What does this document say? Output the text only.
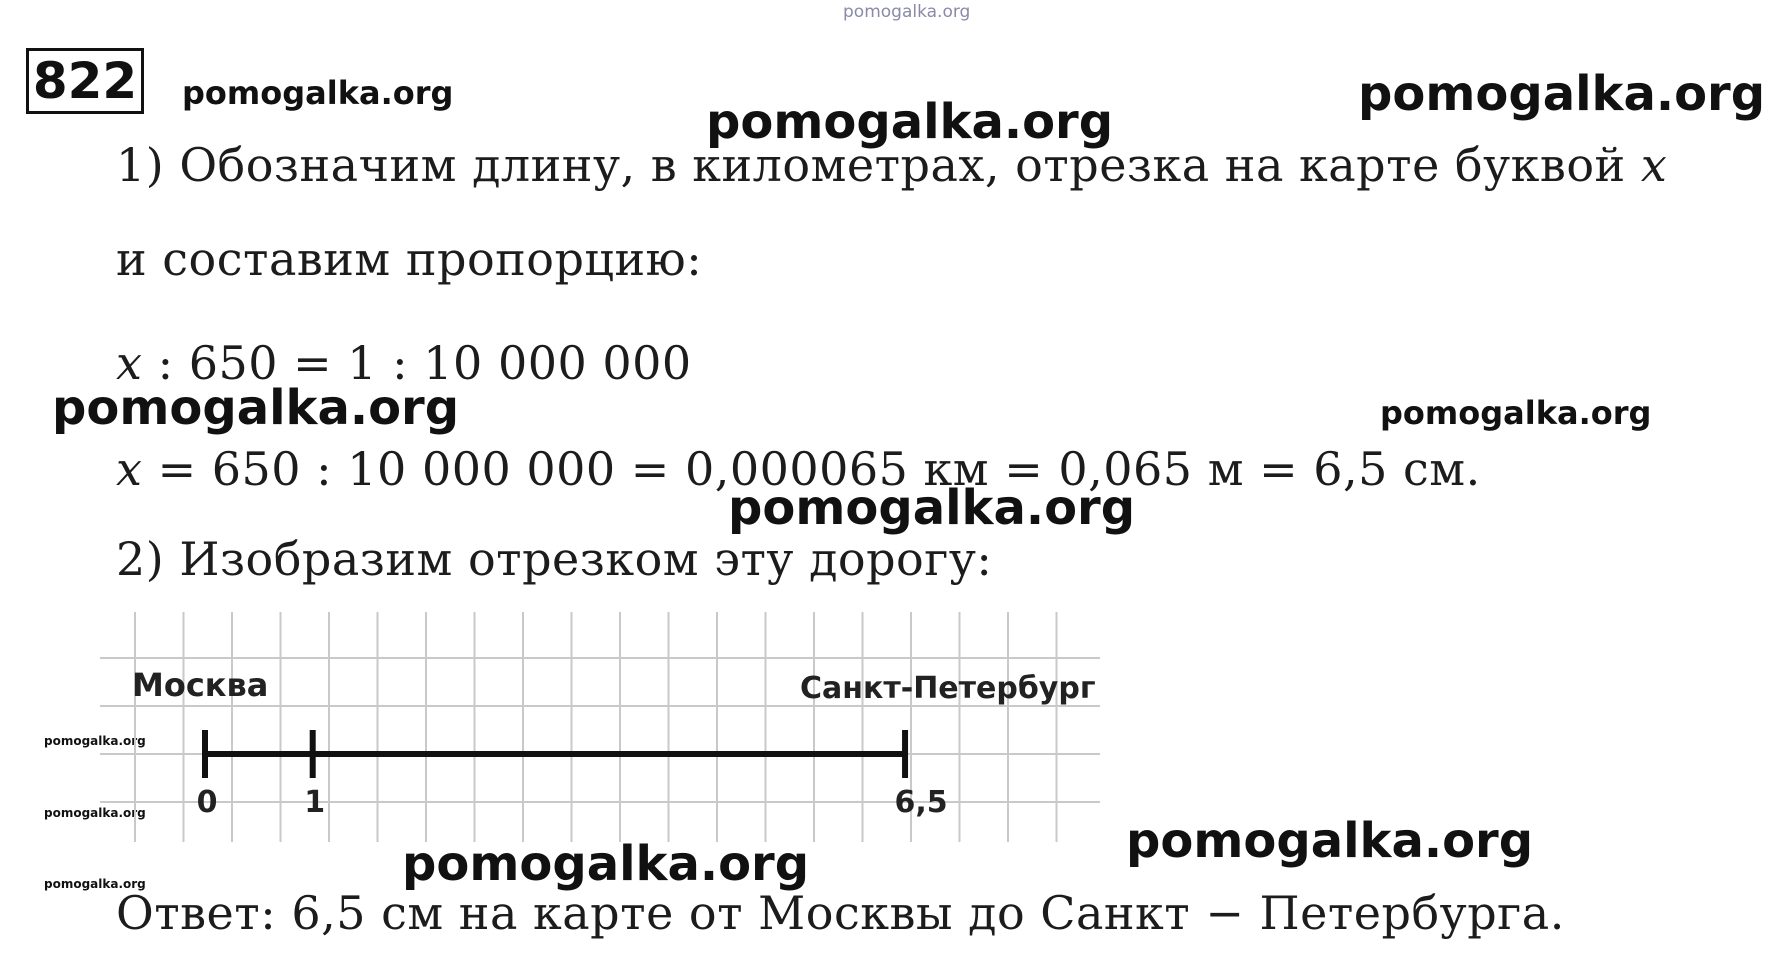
pomogalka.org
pomogalka.org
pomogalka.org	pomogalka.org
pomogalka.org	pomogalka.org
pomogalka.org
pomogalka.org
pomogalka.org
pomogalka.org	pomogalka.org	pomogalka.org
822
1) Обозначим длину, в километрах, отрезка на карте буквой x
и составим пропорцию:
x : 650 = 1 : 10 000 000
x = 650 : 10 000 000 = 0,000065 км = 0,065 м = 6,5 см.
2) Изобразим отрезком эту дорогу:
Москва	Санкт-Петербург
0	1	6,5
Ответ: 6,5 см на карте от Москвы до Санкт − Петербурга.
